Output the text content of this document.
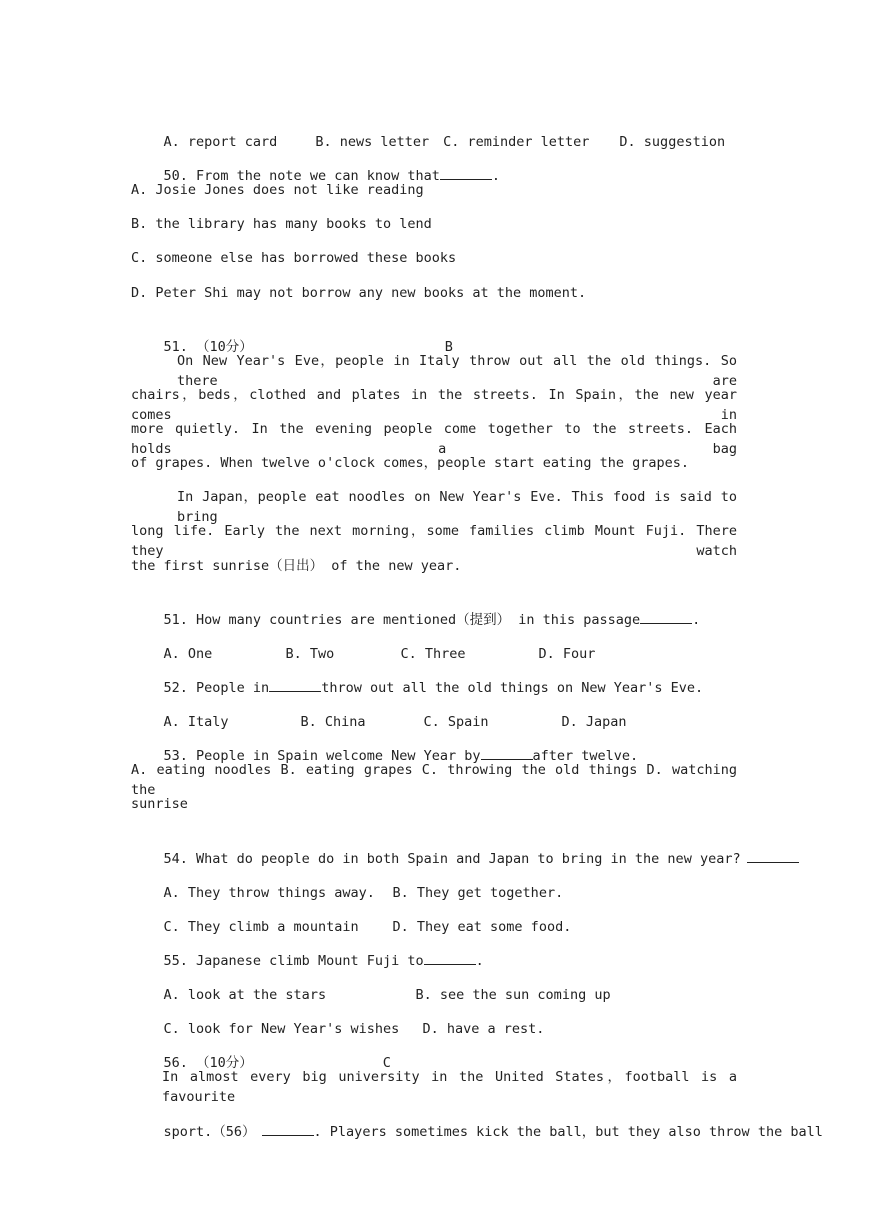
A. report card	B. news letter C. reminder letter D. suggestion

50. From the note we can know that	.

A. Josie Jones does not like reading
B. the library has many books to lend
C. someone else has borrowed these books
D. Peter Shi may not borrow any new books at the moment.

51. （10分）	B

On New Year's Eve，people in Italy throw out all the old things. So there are
chairs，beds，clothed and plates in the streets. In Spain，the new year comes in
more quietly. In the evening people come together to the streets. Each holds a bag
of grapes. When twelve o'clock comes，people start eating the grapes.
In Japan，people eat noodles on New Year's Eve. This food is said to bring
long life. Early the next morning，some families climb Mount Fuji. There they watch
the first sunrise（日出） of the new year.

51. How many countries are mentioned（提到） in this passage	.

A. One	B. Two	C. Three	D. Four

52. People in	throw out all the old things on New Year's Eve.

A. Italy	B. China	C. Spain	D. Japan

53. People in Spain welcome New Year by	after twelve.

A. eating noodles B. eating grapes C. throwing the old things D. watching the
sunrise

54. What do people do in both Spain and Japan to bring in the new year?

A. They throw things away. B. They get together.

C. They climb a mountain	D. They eat some food.

55. Japanese climb Mount Fuji to	.

A. look at the stars	B. see the sun coming up

C. look for New Year's wishes D. have a rest.

56. （10分）	C

In almost every big university in the United States，football is a favourite

sport.（56）	. Players sometimes kick the ball，but they also throw the ball
